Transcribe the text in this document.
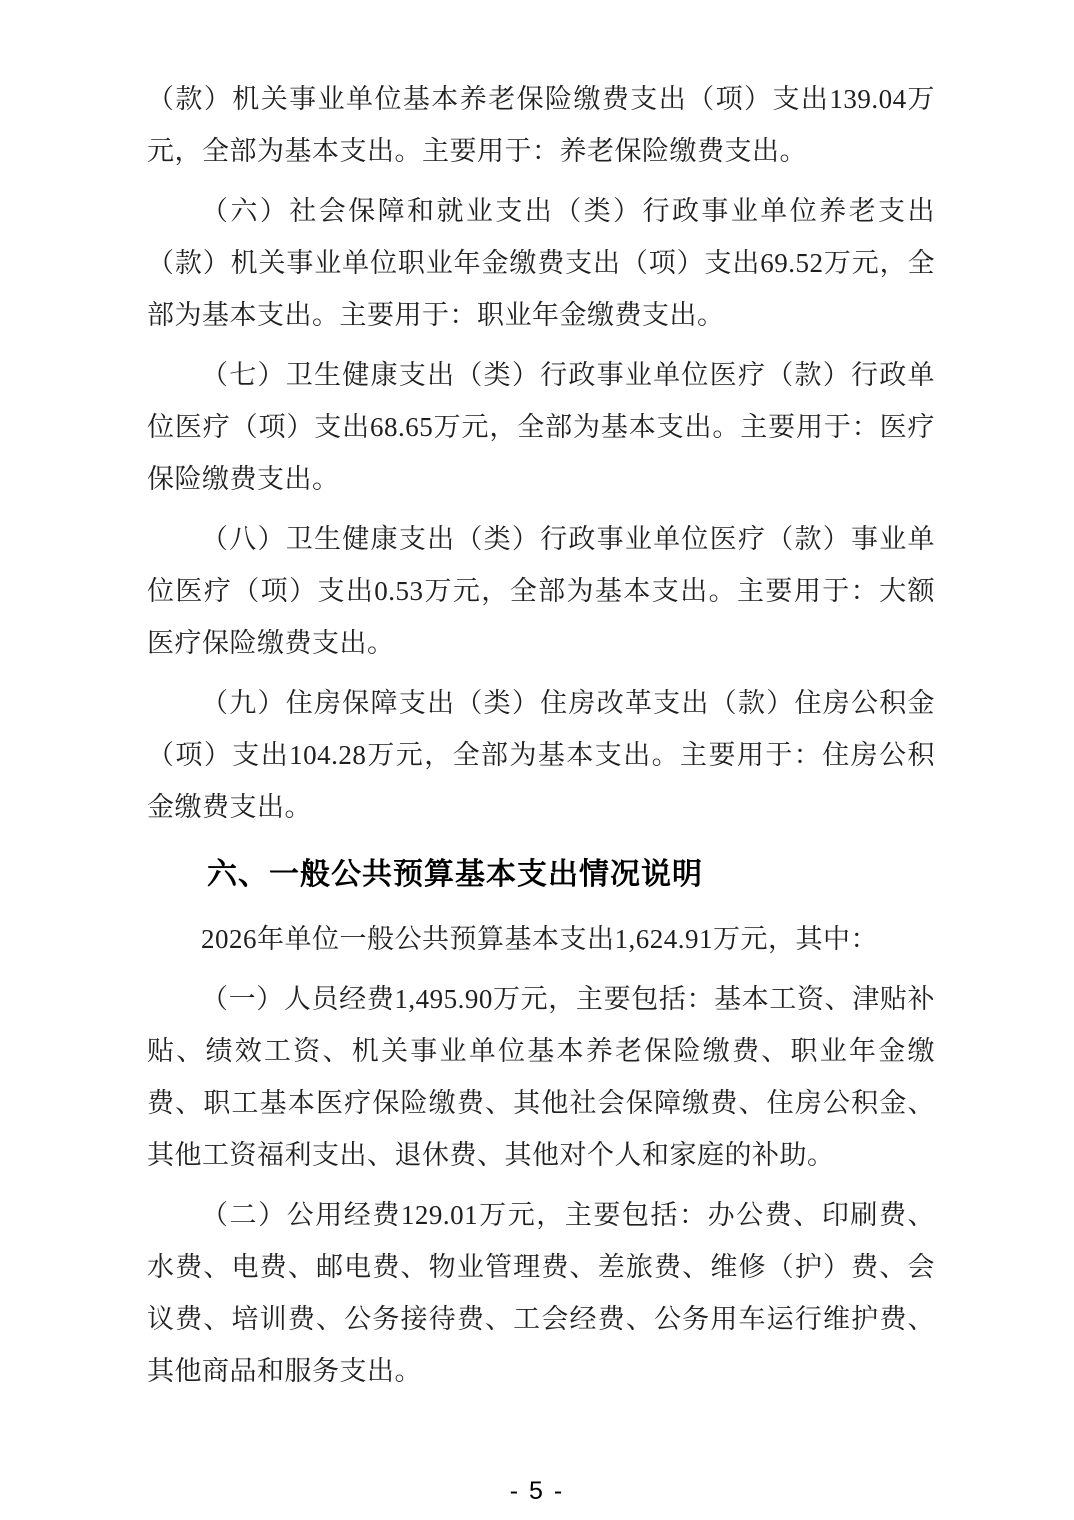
（款）机关事业单位基本养老保险缴费支出（项）支出139.04万元，全部为基本支出。主要用于：养老保险缴费支出。

（六）社会保障和就业支出（类）行政事业单位养老支出（款）机关事业单位职业年金缴费支出（项）支出69.52万元，全部为基本支出。主要用于：职业年金缴费支出。

（七）卫生健康支出（类）行政事业单位医疗（款）行政单位医疗（项）支出68.65万元，全部为基本支出。主要用于：医疗保险缴费支出。

（八）卫生健康支出（类）行政事业单位医疗（款）事业单位医疗（项）支出0.53万元，全部为基本支出。主要用于：大额医疗保险缴费支出。

（九）住房保障支出（类）住房改革支出（款）住房公积金（项）支出104.28万元，全部为基本支出。主要用于：住房公积金缴费支出。

六、一般公共预算基本支出情况说明

2026年单位一般公共预算基本支出1,624.91万元，其中：

（一）人员经费1,495.90万元，主要包括：基本工资、津贴补贴、绩效工资、机关事业单位基本养老保险缴费、职业年金缴费、职工基本医疗保险缴费、其他社会保障缴费、住房公积金、其他工资福利支出、退休费、其他对个人和家庭的补助。

（二）公用经费129.01万元，主要包括：办公费、印刷费、水费、电费、邮电费、物业管理费、差旅费、维修（护）费、会议费、培训费、公务接待费、工会经费、公务用车运行维护费、其他商品和服务支出。

- 5 -
